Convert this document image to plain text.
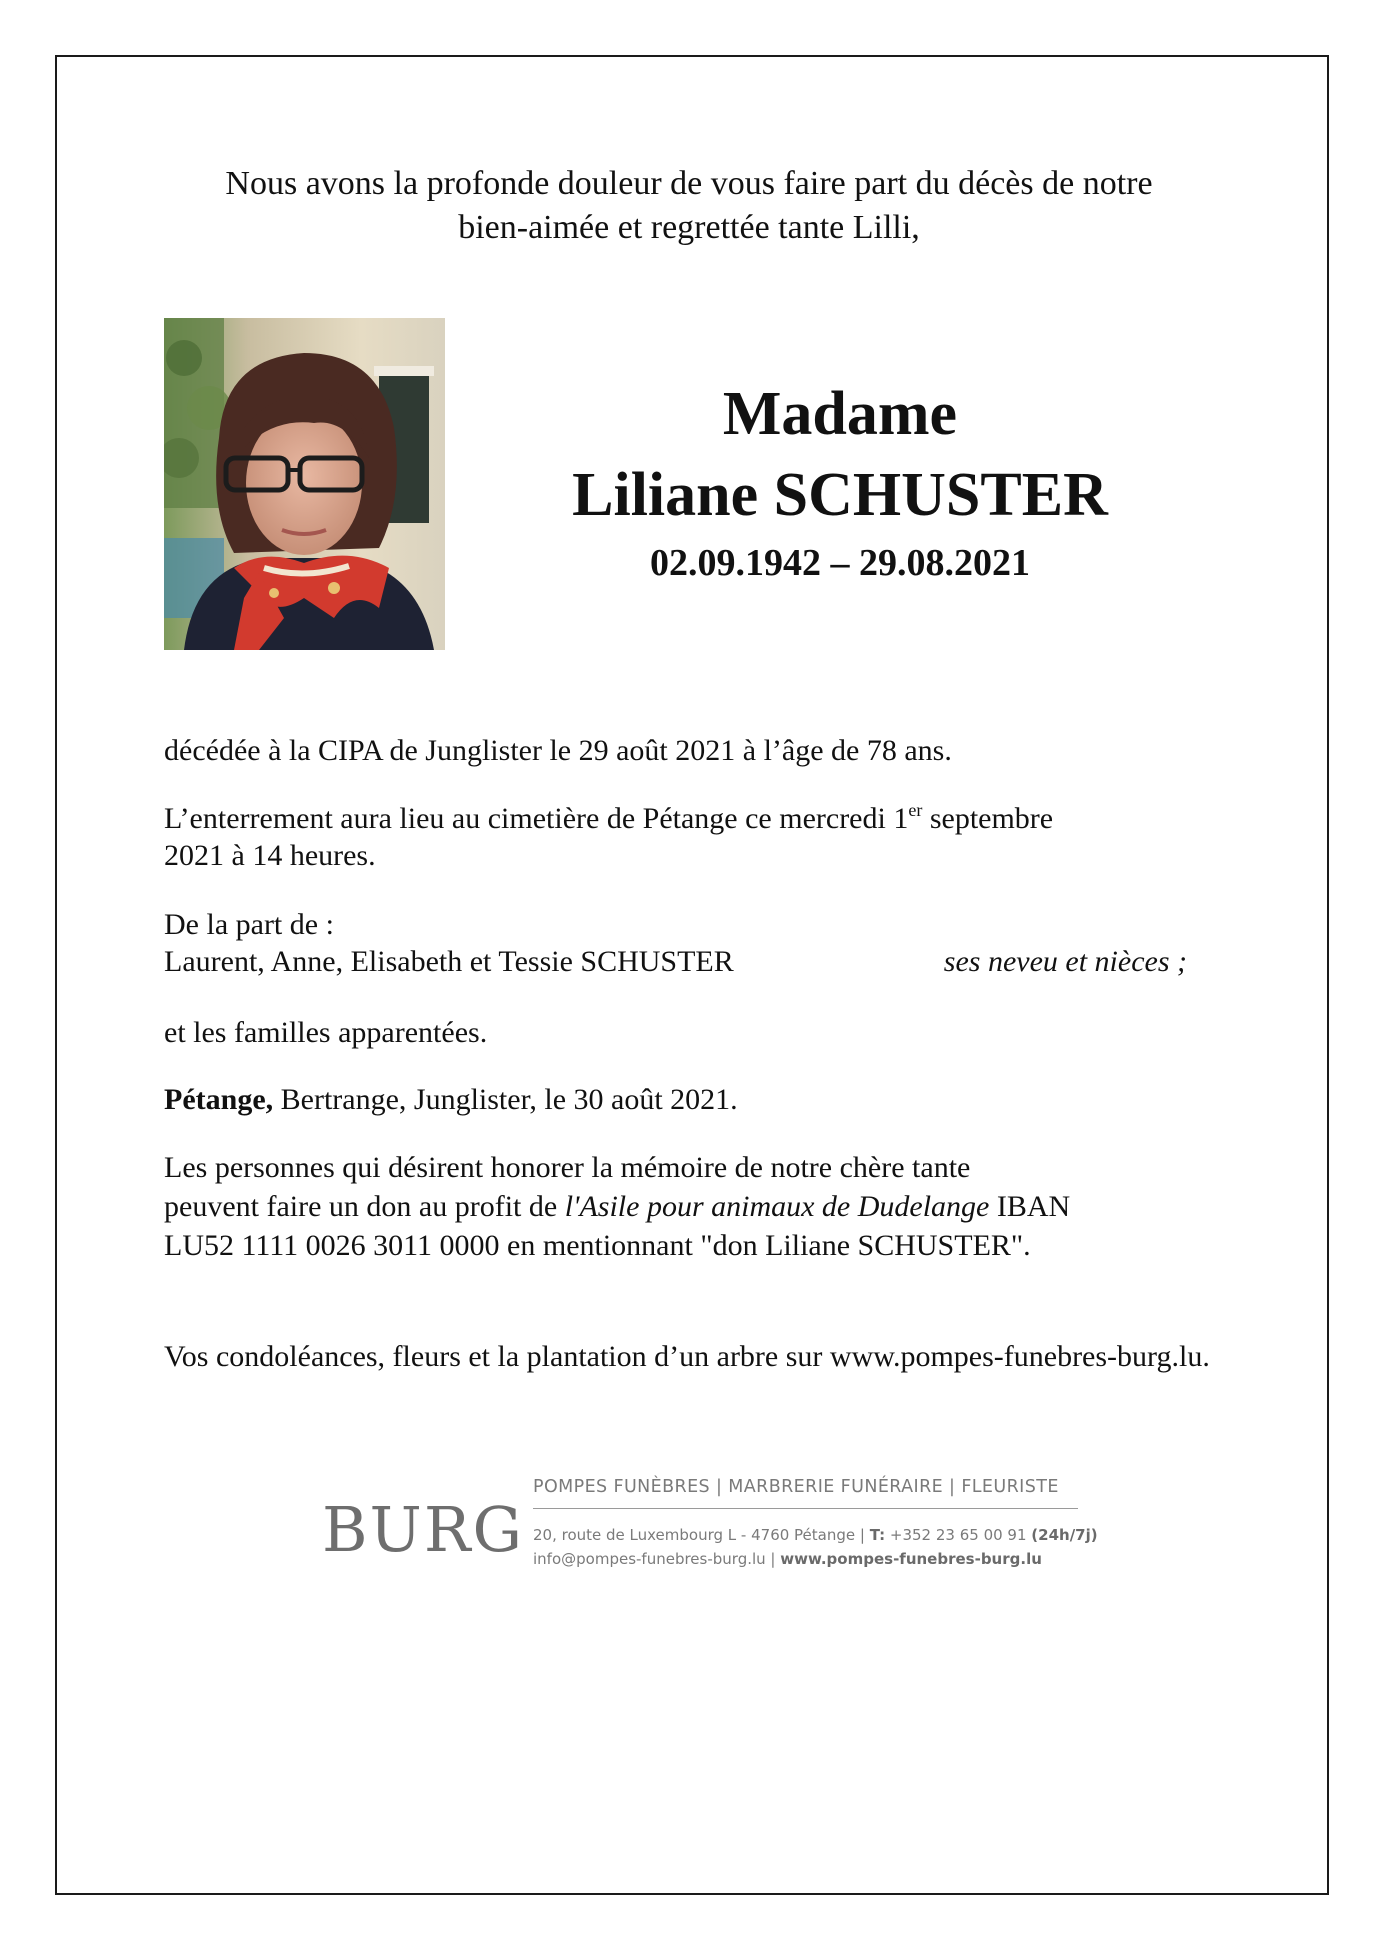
Nous avons la profonde douleur de vous faire part du décès de notre
bien-aimée et regrettée tante Lilli,
Madame
Liliane SCHUSTER
02.09.1942 – 29.08.2021
décédée à la CIPA de Junglister le 29 août 2021 à l’âge de 78 ans.
L’enterrement aura lieu au cimetière de Pétange ce mercredi 1er septembre
2021 à 14 heures.
De la part de :
Laurent, Anne, Elisabeth et Tessie SCHUSTER	ses neveu et nièces ;
et les familles apparentées.
Pétange, Bertrange, Junglister, le 30 août 2021.
Les personnes qui désirent honorer la mémoire de notre chère tante
peuvent faire un don au profit de l'Asile pour animaux de Dudelange IBAN
LU52 1111 0026 3011 0000 en mentionnant "don Liliane SCHUSTER".
Vos condoléances, fleurs et la plantation d’un arbre sur www.pompes-funebres-burg.lu.
BURG
POMPES FUNÈBRES | MARBRERIE FUNÉRAIRE | FLEURISTE
20, route de Luxembourg L - 4760 Pétange | T: +352 23 65 00 91 (24h/7j)
info@pompes-funebres-burg.lu | www.pompes-funebres-burg.lu
